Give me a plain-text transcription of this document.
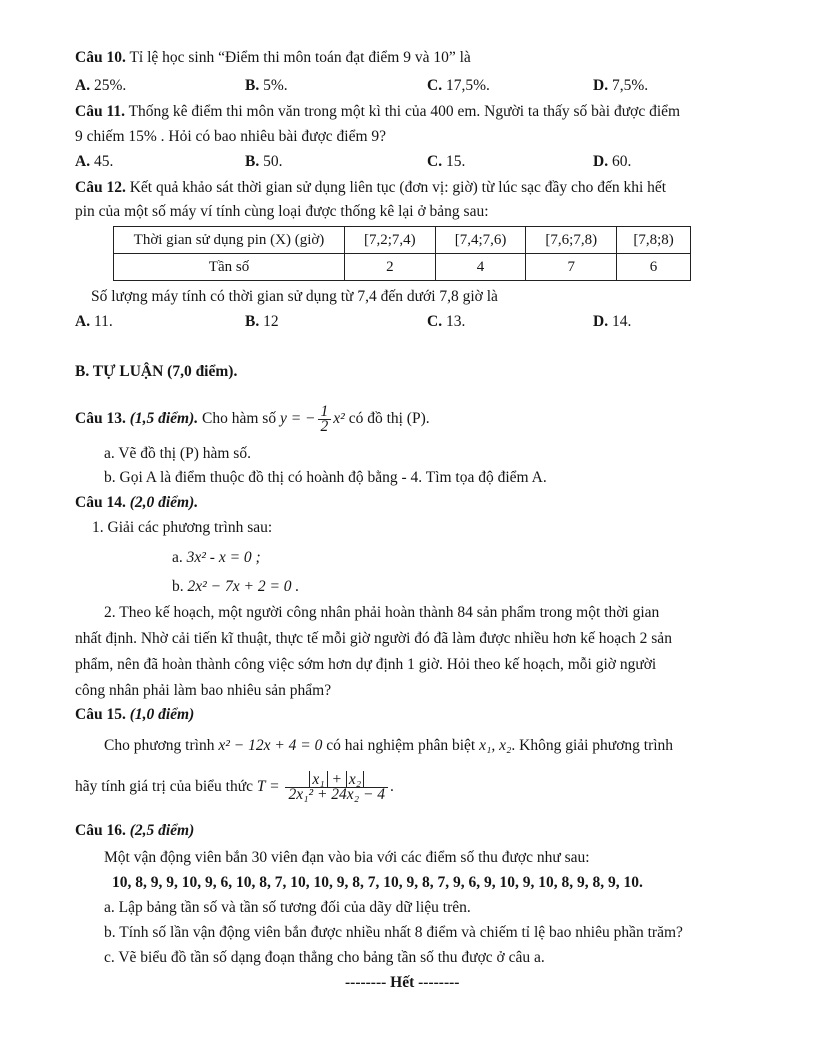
Câu 10. Tỉ lệ học sinh “Điểm thi môn toán đạt điểm 9 và 10” là
A. 25%.	B. 5%.	C. 17,5%.	D. 7,5%.
Câu 11. Thống kê điểm thi môn văn trong một kì thi của 400 em. Người ta thấy số bài được điểm
9 chiếm 15% . Hỏi có bao nhiêu bài được điểm 9?
A. 45.	B. 50.	C. 15.	D. 60.
Câu 12. Kết quả khảo sát thời gian sử dụng liên tục (đơn vị: giờ) từ lúc sạc đầy cho đến khi hết
pin của một số máy ví tính cùng loại được thống kê lại ở bảng sau:
Thời gian sử dụng pin (X) (giờ)	[7,2;7,4)	[7,4;7,6)	[7,6;7,8)	[7,8;8)
Tần số	2	4	7	6
Số lượng máy tính có thời gian sử dụng từ 7,4 đến dưới 7,8 giờ là
A. 11.	B. 12	C. 13.	D. 14.
B. TỰ LUẬN (7,0 điểm).
Câu 13. (1,5 điểm). Cho hàm số y = − $\frac{1}{2} x^2$ có đồ thị (P).
a. Vẽ đồ thị (P) hàm số.
b. Gọi A là điểm thuộc đồ thị có hoành độ bằng - 4. Tìm tọa độ điểm A.
Câu 14. (2,0 điểm).
1. Giải các phương trình sau:
a. 3x² - x = 0 ;
b. 2x² − 7x + 2 = 0 .
2. Theo kế hoạch, một người công nhân phải hoàn thành 84 sản phẩm trong một thời gian
nhất định. Nhờ cải tiến kĩ thuật, thực tế mỗi giờ người đó đã làm được nhiều hơn kế hoạch 2 sản
phẩm, nên đã hoàn thành công việc sớm hơn dự định 1 giờ. Hỏi theo kế hoạch, mỗi giờ người
công nhân phải làm bao nhiêu sản phẩm?
Câu 15. (1,0 điểm)
Cho phương trình x² − 12x + 4 = 0 có hai nghiệm phân biệt x₁, x₂. Không giải phương trình
hãy tính giá trị của biểu thức $T = \frac{\text{x₁ + x₂}}{\text{2x₁² + 24x₂ − 4}}$ .
Câu 16. (2,5 điểm)
Một vận động viên bắn 30 viên đạn vào bia với các điểm số thu được như sau:
10, 8, 9, 9, 10, 9, 6, 10, 8, 7, 10, 10, 9, 8, 7, 10, 9, 8, 7, 9, 6, 9, 10, 9, 10, 8, 9, 8, 9, 10.
a. Lập bảng tần số và tần số tương đối của dãy dữ liệu trên.
b. Tính số lần vận động viên bắn được nhiều nhất 8 điểm và chiếm tỉ lệ bao nhiêu phần trăm?
c. Vẽ biểu đồ tần số dạng đoạn thẳng cho bảng tần số thu được ở câu a.
-------- Hết --------
